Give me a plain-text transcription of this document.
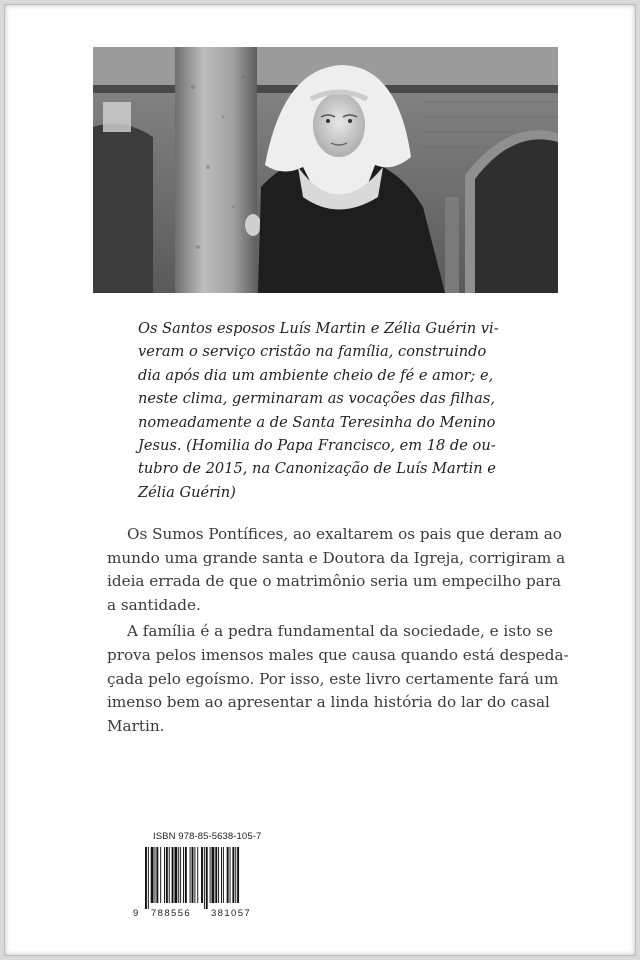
Os Santos esposos Luís Martin e Zélia Guérin vi-
veram o serviço cristão na família, construindo
dia após dia um ambiente cheio de fé e amor; e,
neste clima, germinaram as vocações das filhas,
nomeadamente a de Santa Teresinha do Menino
Jesus. (Homilia do Papa Francisco, em 18 de ou-
tubro de 2015, na Canonização de Luís Martin e
Zélia Guérin)
Os Sumos Pontífices, ao exaltarem os pais que deram ao
mundo uma grande santa e Doutora da Igreja, corrigiram a
ideia errada de que o matrimônio seria um empecilho para
a santidade.
A família é a pedra fundamental da sociedade, e isto se
prova pelos imensos males que causa quando está despeda-
çada pelo egoísmo. Por isso, este livro certamente fará um
imenso bem ao apresentar a linda história do lar do casal
Martin.
ISBN 978-85-5638-105-7
9 788556 381057
